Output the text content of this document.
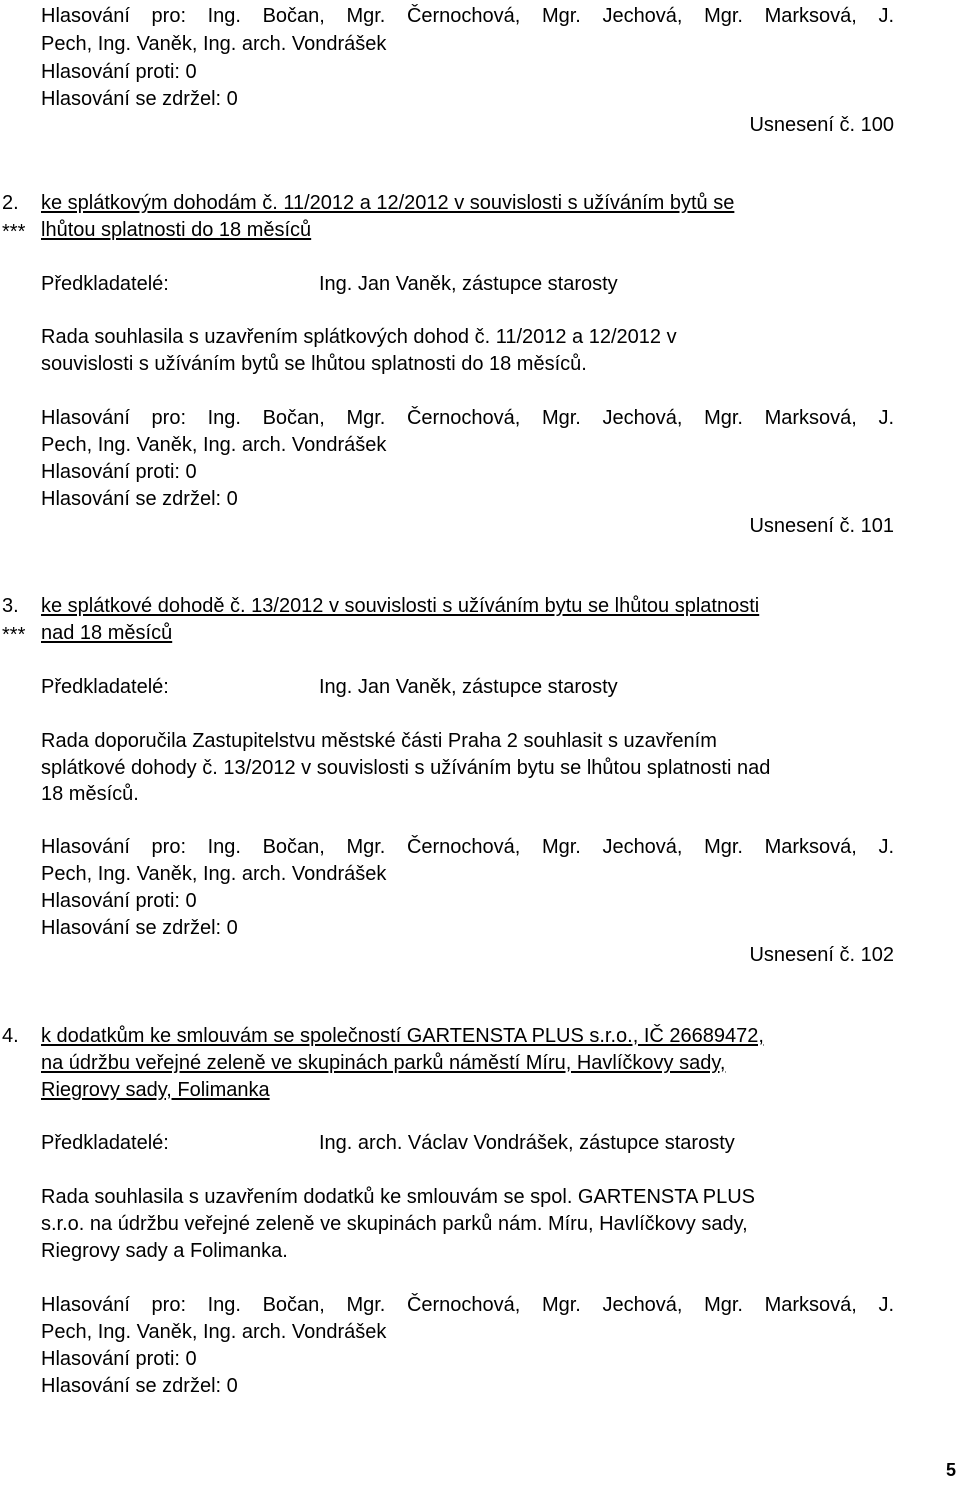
Hlasování pro: Ing. Bočan, Mgr. Černochová, Mgr. Jechová, Mgr. Marksová, J.
Pech, Ing. Vaněk, Ing. arch. Vondrášek
Hlasování proti: 0
Hlasování se zdržel: 0
Usnesení č. 100
2. ke splátkovým dohodám č. 11/2012 a 12/2012 v souvislosti s užíváním bytů se
*** lhůtou splatnosti do 18 měsíců
Předkladatelé:	Ing. Jan Vaněk, zástupce starosty
Rada souhlasila s uzavřením splátkových dohod č. 11/2012 a 12/2012 v
souvislosti s užíváním bytů se lhůtou splatnosti do 18 měsíců.
Hlasování pro: Ing. Bočan, Mgr. Černochová, Mgr. Jechová, Mgr. Marksová, J.
Pech, Ing. Vaněk, Ing. arch. Vondrášek
Hlasování proti: 0
Hlasování se zdržel: 0
Usnesení č. 101
3. ke splátkové dohodě č. 13/2012 v souvislosti s užíváním bytu se lhůtou splatnosti
*** nad 18 měsíců
Předkladatelé:	Ing. Jan Vaněk, zástupce starosty
Rada doporučila Zastupitelstvu městské části Praha 2 souhlasit s uzavřením
splátkové dohody č. 13/2012 v souvislosti s užíváním bytu se lhůtou splatnosti nad
18 měsíců.
Hlasování pro: Ing. Bočan, Mgr. Černochová, Mgr. Jechová, Mgr. Marksová, J.
Pech, Ing. Vaněk, Ing. arch. Vondrášek
Hlasování proti: 0
Hlasování se zdržel: 0
Usnesení č. 102
4. k dodatkům ke smlouvám se společností GARTENSTA PLUS s.r.o., IČ 26689472,
na údržbu veřejné zeleně ve skupinách parků náměstí Míru, Havlíčkovy sady,
Riegrovy sady, Folimanka
Předkladatelé:	Ing. arch. Václav Vondrášek, zástupce starosty
Rada souhlasila s uzavřením dodatků ke smlouvám se spol. GARTENSTA PLUS
s.r.o. na údržbu veřejné zeleně ve skupinách parků nám. Míru, Havlíčkovy sady,
Riegrovy sady a Folimanka.
Hlasování pro: Ing. Bočan, Mgr. Černochová, Mgr. Jechová, Mgr. Marksová, J.
Pech, Ing. Vaněk, Ing. arch. Vondrášek
Hlasování proti: 0
Hlasování se zdržel: 0
5
